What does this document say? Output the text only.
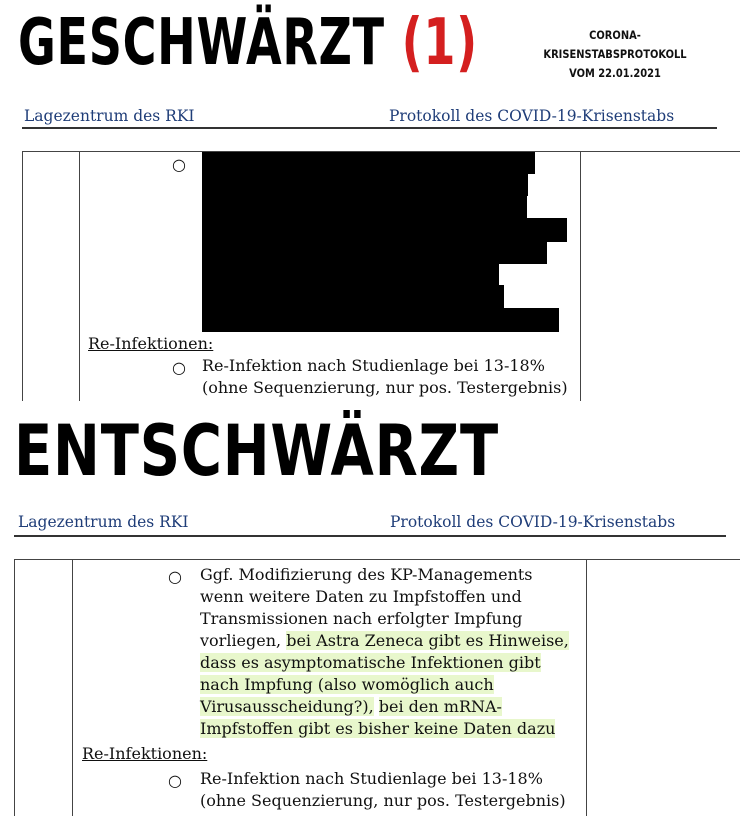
GESCHWÄRZT (1)	CORONA-KRISENSTABSPROTOKOLL
VOM 22.01.2021
Lagezentrum des RKI	Protokoll des COVID-19-Krisenstabs
○
Re-Infektionen:
○ Re-Infektion nach Studienlage bei 13-18%
(ohne Sequenzierung, nur pos. Testergebnis)
ENTSCHWÄRZT
Lagezentrum des RKI	Protokoll des COVID-19-Krisenstabs
○ Ggf. Modifizierung des KP-Managements
wenn weitere Daten zu Impfstoffen und
Transmissionen nach erfolgter Impfung
vorliegen, bei Astra Zeneca gibt es Hinweise,
dass es asymptomatische Infektionen gibt
nach Impfung (also womöglich auch
Virusausscheidung?), bei den mRNA-
Impfstoffen gibt es bisher keine Daten dazu
Re-Infektionen:
○ Re-Infektion nach Studienlage bei 13-18%
(ohne Sequenzierung, nur pos. Testergebnis)
